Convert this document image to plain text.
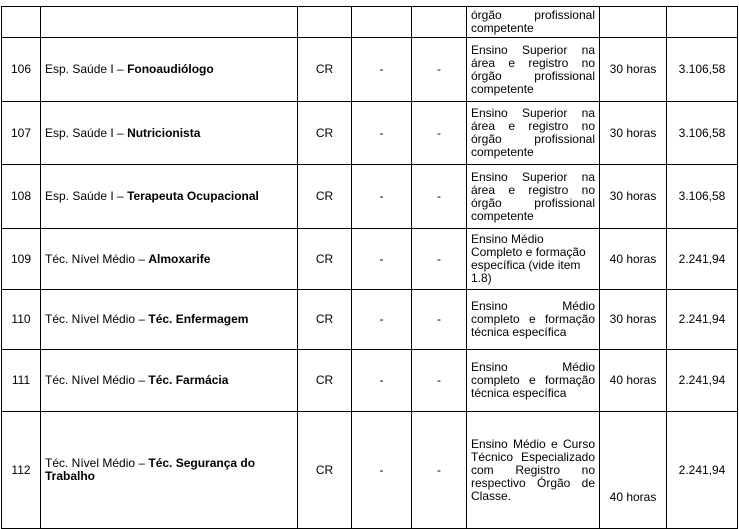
					órgão profissional competente		
106	Esp. Saúde I – Fonoaudiólogo	CR	-	-	Ensino Superior na área e registro no órgão profissional competente	30 horas	3.106,58
107	Esp. Saúde I – Nutricionista	CR	-	-	Ensino Superior na área e registro no órgão profissional competente	30 horas	3.106,58
108	Esp. Saúde I – Terapeuta Ocupacional	CR	-	-	Ensino Superior na área e registro no órgão profissional competente	30 horas	3.106,58
109	Téc. Nível Médio – Almoxarife	CR	-	-	Ensino Médio Completo e formação específica (vide item 1.8)	40 horas	2.241,94
110	Téc. Nível Médio – Téc. Enfermagem	CR	-	-	Ensino Médio completo e formação técnica específica	30 horas	2.241,94
111	Téc. Nível Médio – Téc. Farmácia	CR	-	-	Ensino Médio completo e formação técnica específica	40 horas	2.241,94
112	Téc. Nível Médio – Téc. Segurança do Trabalho	CR	-	-	Ensino Médio e Curso Técnico Especializado com Registro no respectivo Órgão de Classe.	40 horas	2.241,94
